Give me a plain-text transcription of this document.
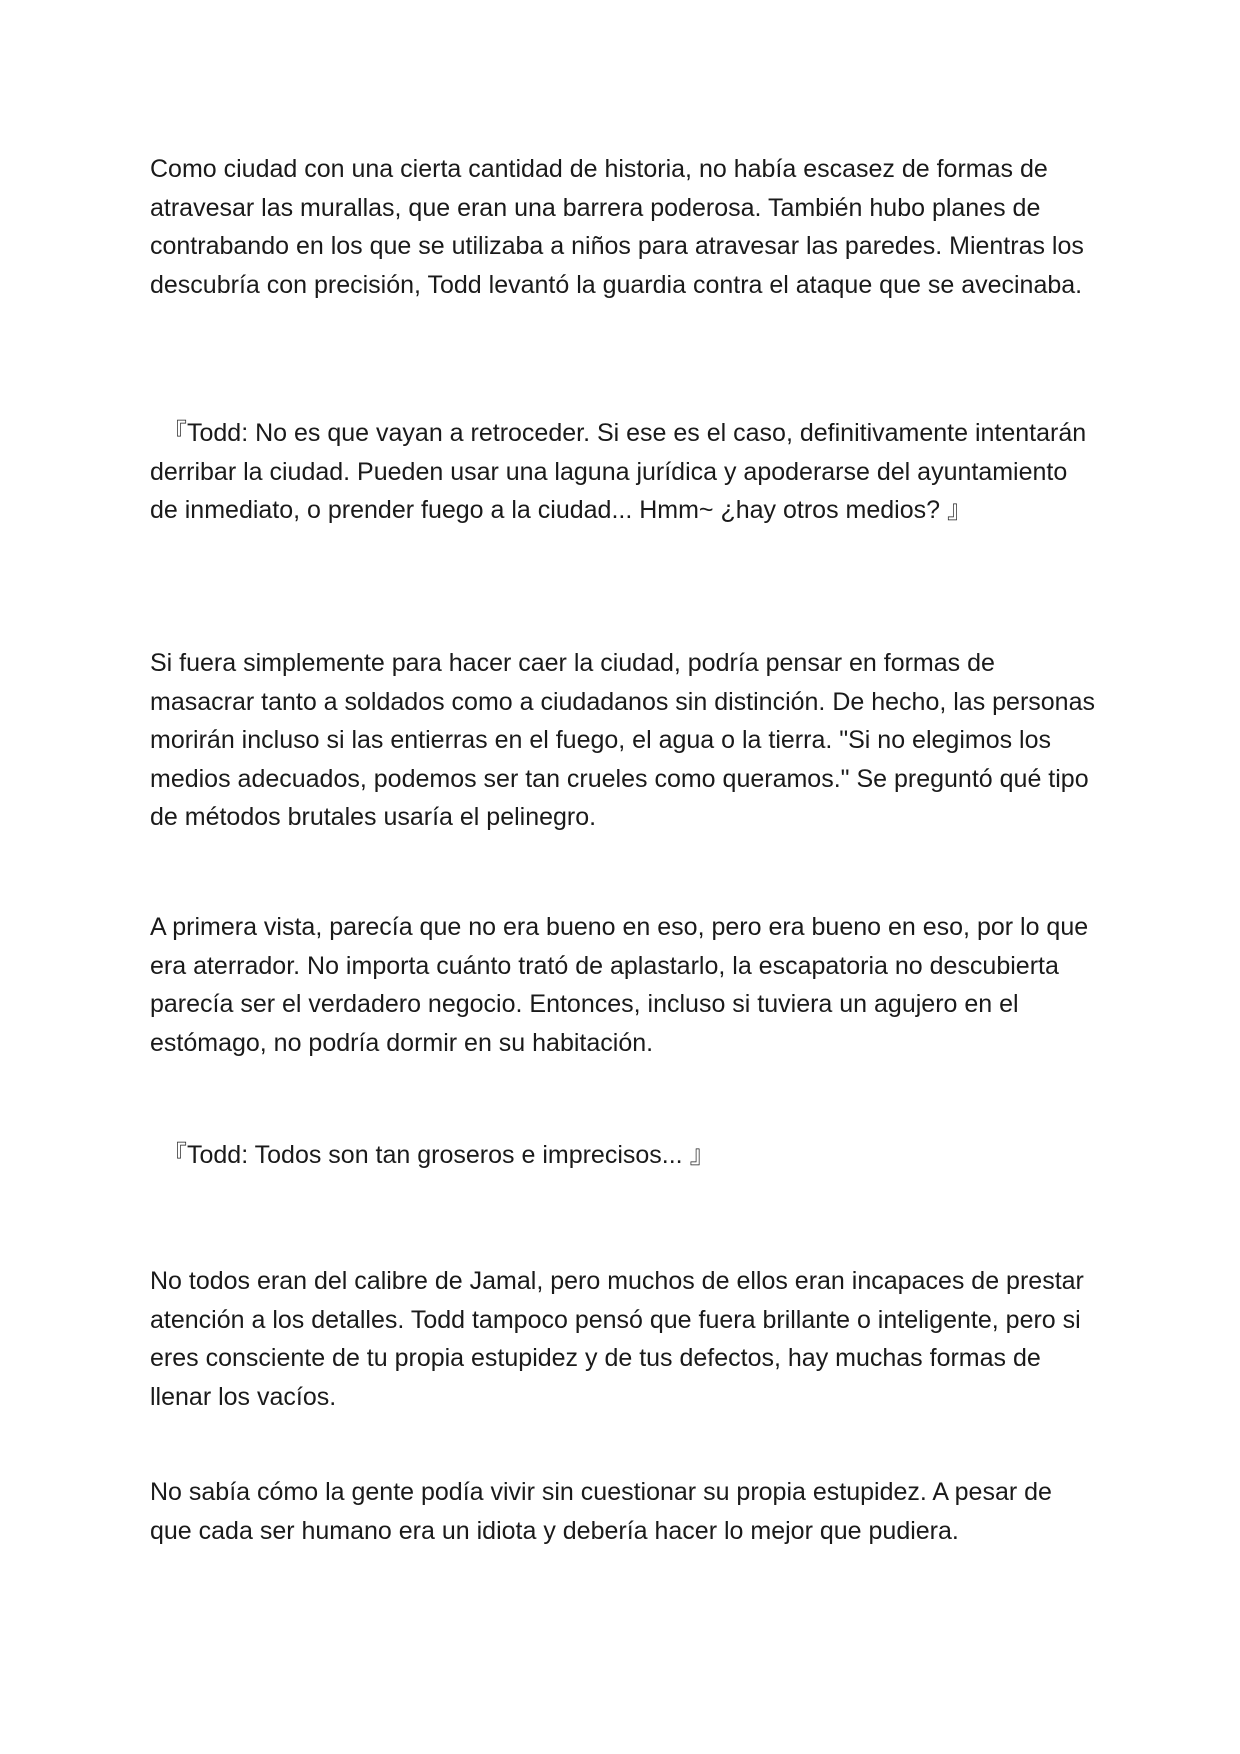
Como ciudad con una cierta cantidad de historia, no había escasez de formas de atravesar las murallas, que eran una barrera poderosa. También hubo planes de contrabando en los que se utilizaba a niños para atravesar las paredes. Mientras los descubría con precisión, Todd levantó la guardia contra el ataque que se avecinaba.

『Todd: No es que vayan a retroceder. Si ese es el caso, definitivamente intentarán derribar la ciudad. Pueden usar una laguna jurídica y apoderarse del ayuntamiento de inmediato, o prender fuego a la ciudad... Hmm~ ¿hay otros medios? 』

Si fuera simplemente para hacer caer la ciudad, podría pensar en formas de masacrar tanto a soldados como a ciudadanos sin distinción. De hecho, las personas morirán incluso si las entierras en el fuego, el agua o la tierra. "Si no elegimos los medios adecuados, podemos ser tan crueles como queramos." Se preguntó qué tipo de métodos brutales usaría el pelinegro.

A primera vista, parecía que no era bueno en eso, pero era bueno en eso, por lo que era aterrador. No importa cuánto trató de aplastarlo, la escapatoria no descubierta parecía ser el verdadero negocio. Entonces, incluso si tuviera un agujero en el estómago, no podría dormir en su habitación.

『Todd: Todos son tan groseros e imprecisos... 』

No todos eran del calibre de Jamal, pero muchos de ellos eran incapaces de prestar atención a los detalles. Todd tampoco pensó que fuera brillante o inteligente, pero si eres consciente de tu propia estupidez y de tus defectos, hay muchas formas de llenar los vacíos.

No sabía cómo la gente podía vivir sin cuestionar su propia estupidez. A pesar de que cada ser humano era un idiota y debería hacer lo mejor que pudiera.
